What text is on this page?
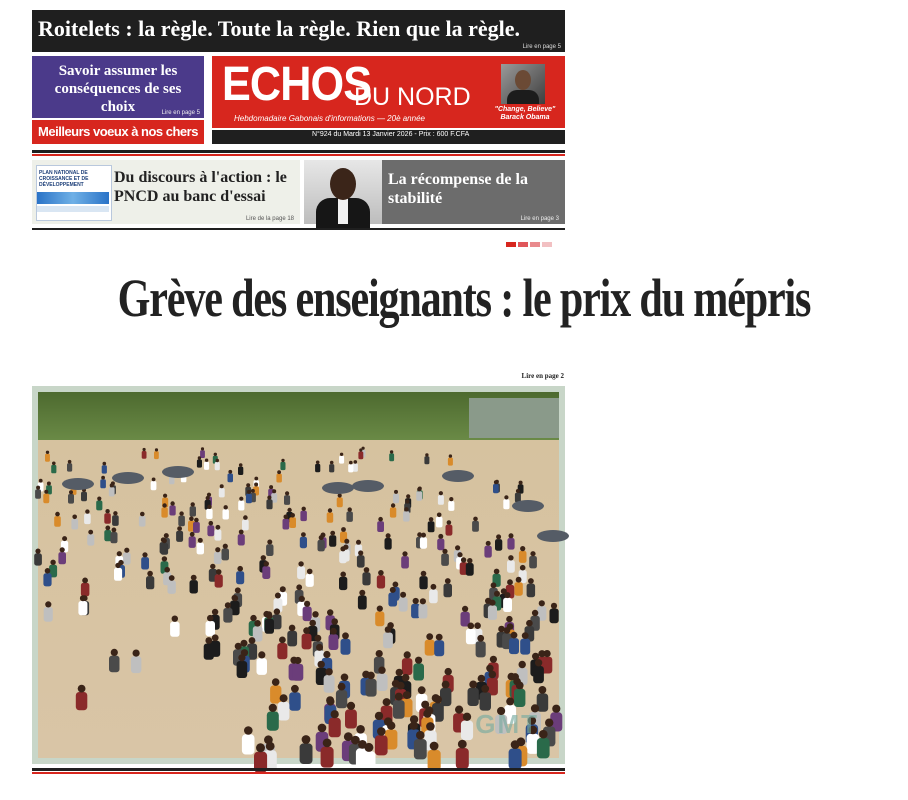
Roitelets : la règle. Toute la règle. Rien que la règle.
Lire en page 5
Savoir assumer les conséquences de ses choix	Lire en page 5
Meilleurs voeux à nos chers
ECHOS
DU NORD
Hebdomadaire Gabonais d'informations — 20è année
"Change, Believe"
Barack Obama
N°924 du Mardi 13 Janvier 2026 - Prix : 600 F.CFA
PLAN NATIONAL DE CROISSANCE ET DE DÉVELOPPEMENT	Du discours à l'action : le PNCD au banc d'essai
Lire de la page 18
La récompense de la stabilité
Lire en page 3
Grève des enseignants : le prix du mépris
Lire en page 2
GMT
